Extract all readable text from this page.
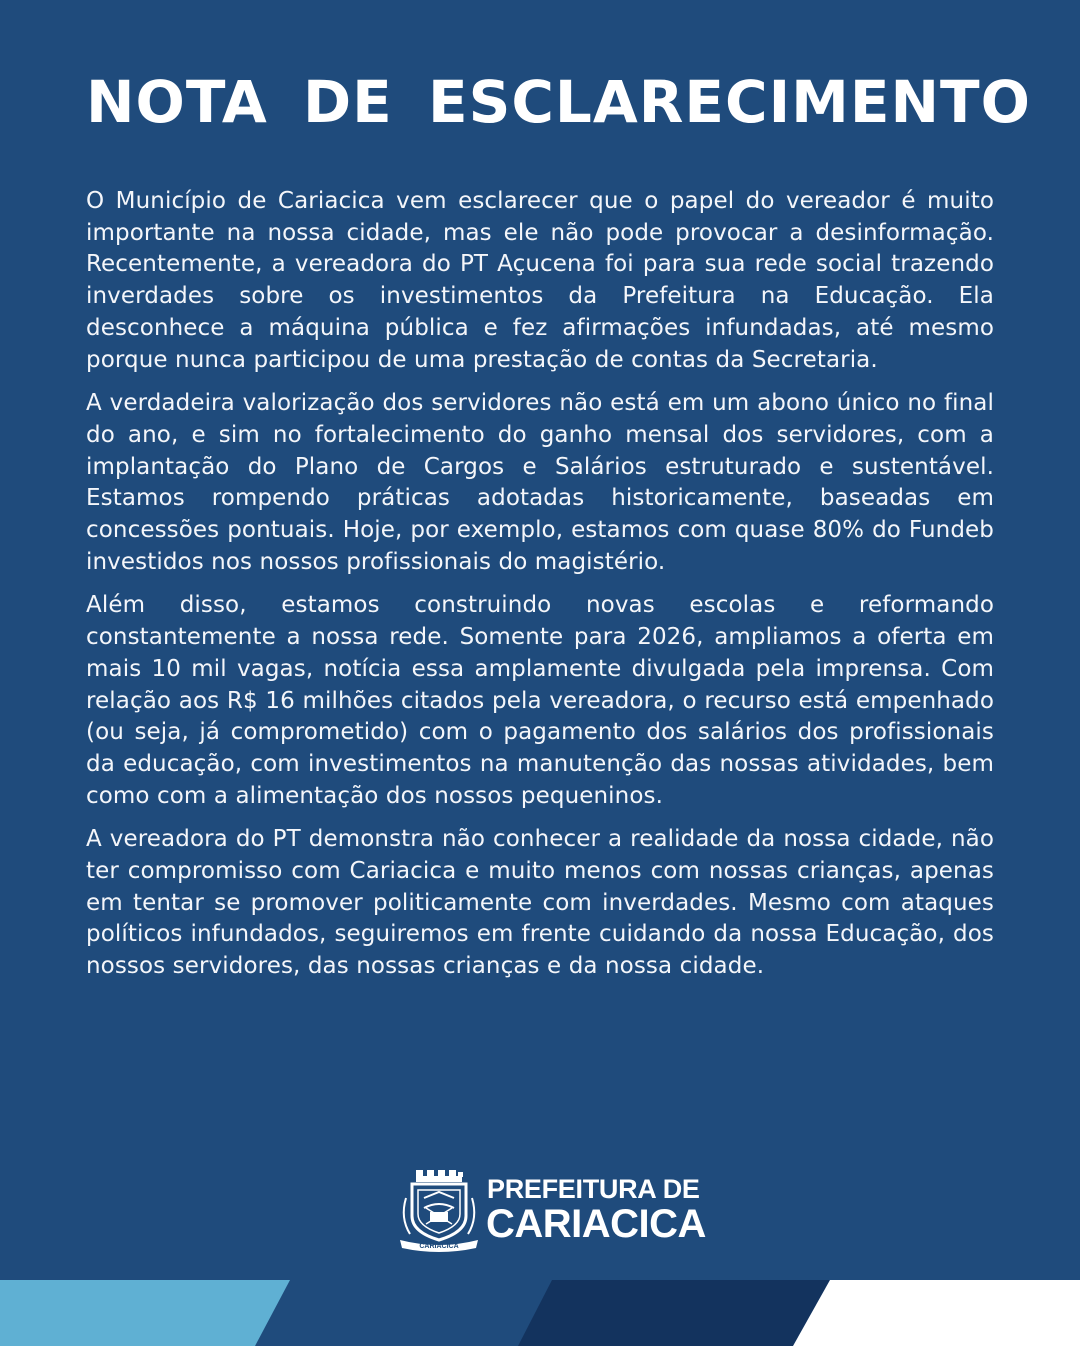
NOTA DE ESCLARECIMENTO

O Município de Cariacica vem esclarecer que o papel do vereador é muito importante na nossa cidade, mas ele não pode provocar a desinformação. Recentemente, a vereadora do PT Açucena foi para sua rede social trazendo inverdades sobre os investimentos da Prefeitura na Educação. Ela desconhece a máquina pública e fez afirmações infundadas, até mesmo porque nunca participou de uma prestação de contas da Secretaria.

A verdadeira valorização dos servidores não está em um abono único no final do ano, e sim no fortalecimento do ganho mensal dos servidores, com a implantação do Plano de Cargos e Salários estruturado e sustentável. Estamos rompendo práticas adotadas historicamente, baseadas em concessões pontuais. Hoje, por exemplo, estamos com quase 80% do Fundeb investidos nos nossos profissionais do magistério.

Além disso, estamos construindo novas escolas e reformando constantemente a nossa rede. Somente para 2026, ampliamos a oferta em mais 10 mil vagas, notícia essa amplamente divulgada pela imprensa. Com relação aos R$ 16 milhões citados pela vereadora, o recurso está empenhado (ou seja, já comprometido) com o pagamento dos salários dos profissionais da educação, com investimentos na manutenção das nossas atividades, bem como com a alimentação dos nossos pequeninos.

A vereadora do PT demonstra não conhecer a realidade da nossa cidade, não ter compromisso com Cariacica e muito menos com nossas crianças, apenas em tentar se promover politicamente com inverdades. Mesmo com ataques políticos infundados, seguiremos em frente cuidando da nossa Educação, dos nossos servidores, das nossas crianças e da nossa cidade.

CARIACICA
PREFEITURA DE
CARIACICA
